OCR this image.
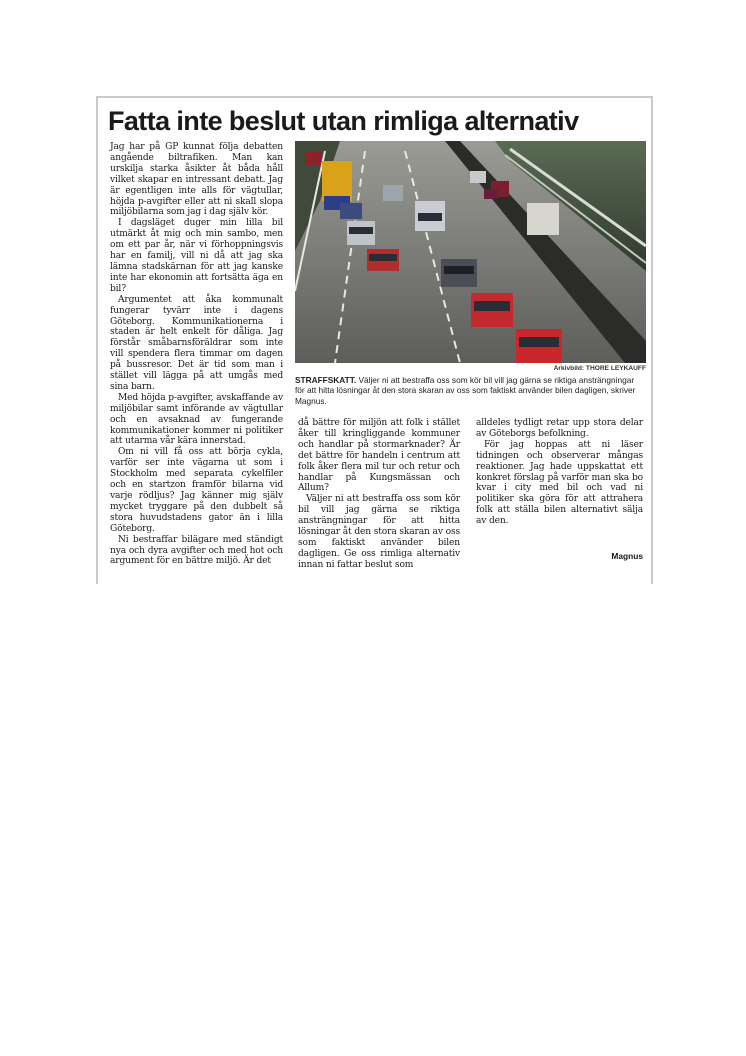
Fatta inte beslut utan rimliga alternativ

Jag har på GP kunnat följa debatten angående biltrafiken. Man kan urskilja starka åsikter åt båda håll vilket skapar en intressant debatt. Jag är egentligen inte alls för vägtullar, höjda p-avgifter eller att ni skall slopa miljöbilarna som jag i dag själv kör.

I dagsläget duger min lilla bil utmärkt åt mig och min sambo, men om ett par år, när vi förhoppningsvis har en familj, vill ni då att jag ska lämna stadskärnan för att jag kanske inte har ekonomin att fortsätta äga en bil?

Argumentet att åka kommunalt fungerar tyvärr inte i dagens Göteborg. Kommunikationerna i staden är helt enkelt för dåliga. Jag förstår småbarnsföräldrar som inte vill spendera flera timmar om dagen på bussresor. Det är tid som man i stället vill lägga på att umgås med sina barn.

Med höjda p-avgifter, avskaffande av miljöbilar samt införande av vägtullar och en avsaknad av fungerande kommunikationer kommer ni politiker att utarma vår kära innerstad.

Om ni vill få oss att börja cykla, varför ser inte vägarna ut som i Stockholm med separata cykelfiler och en startzon framför bilarna vid varje rödljus? Jag känner mig själv mycket tryggare på den dubbelt så stora huvudstadens gator än i lilla Göteborg.

Ni bestraffar bilägare med ständigt nya och dyra avgifter och med hot och argument för en bättre miljö. Är det

Arkivbild: THORE LEYKAUFF
STRAFFSKATT. Väljer ni att bestraffa oss som kör bil vill jag gärna se riktiga ansträngningar för att hitta lösningar åt den stora skaran av oss som faktiskt använder bilen dagligen, skriver Magnus.

då bättre för miljön att folk i stället åker till kringliggande kommuner och handlar på stormarknader? Är det bättre för handeln i centrum att folk åker flera mil tur och retur och handlar på Kungsmässan och Allum?

Väljer ni att bestraffa oss som kör bil vill jag gärna se riktiga ansträngningar för att hitta lösningar åt den stora skaran av oss som faktiskt använder bilen dagligen. Ge oss rimliga alternativ innan ni fattar beslut som

alldeles tydligt retar upp stora delar av Göteborgs befolkning.

För jag hoppas att ni läser tidningen och observerar mångas reaktioner. Jag hade uppskattat ett konkret förslag på varför man ska bo kvar i city med bil och vad ni politiker ska göra för att attrahera folk att ställa bilen alternativt sälja av den.

Magnus
